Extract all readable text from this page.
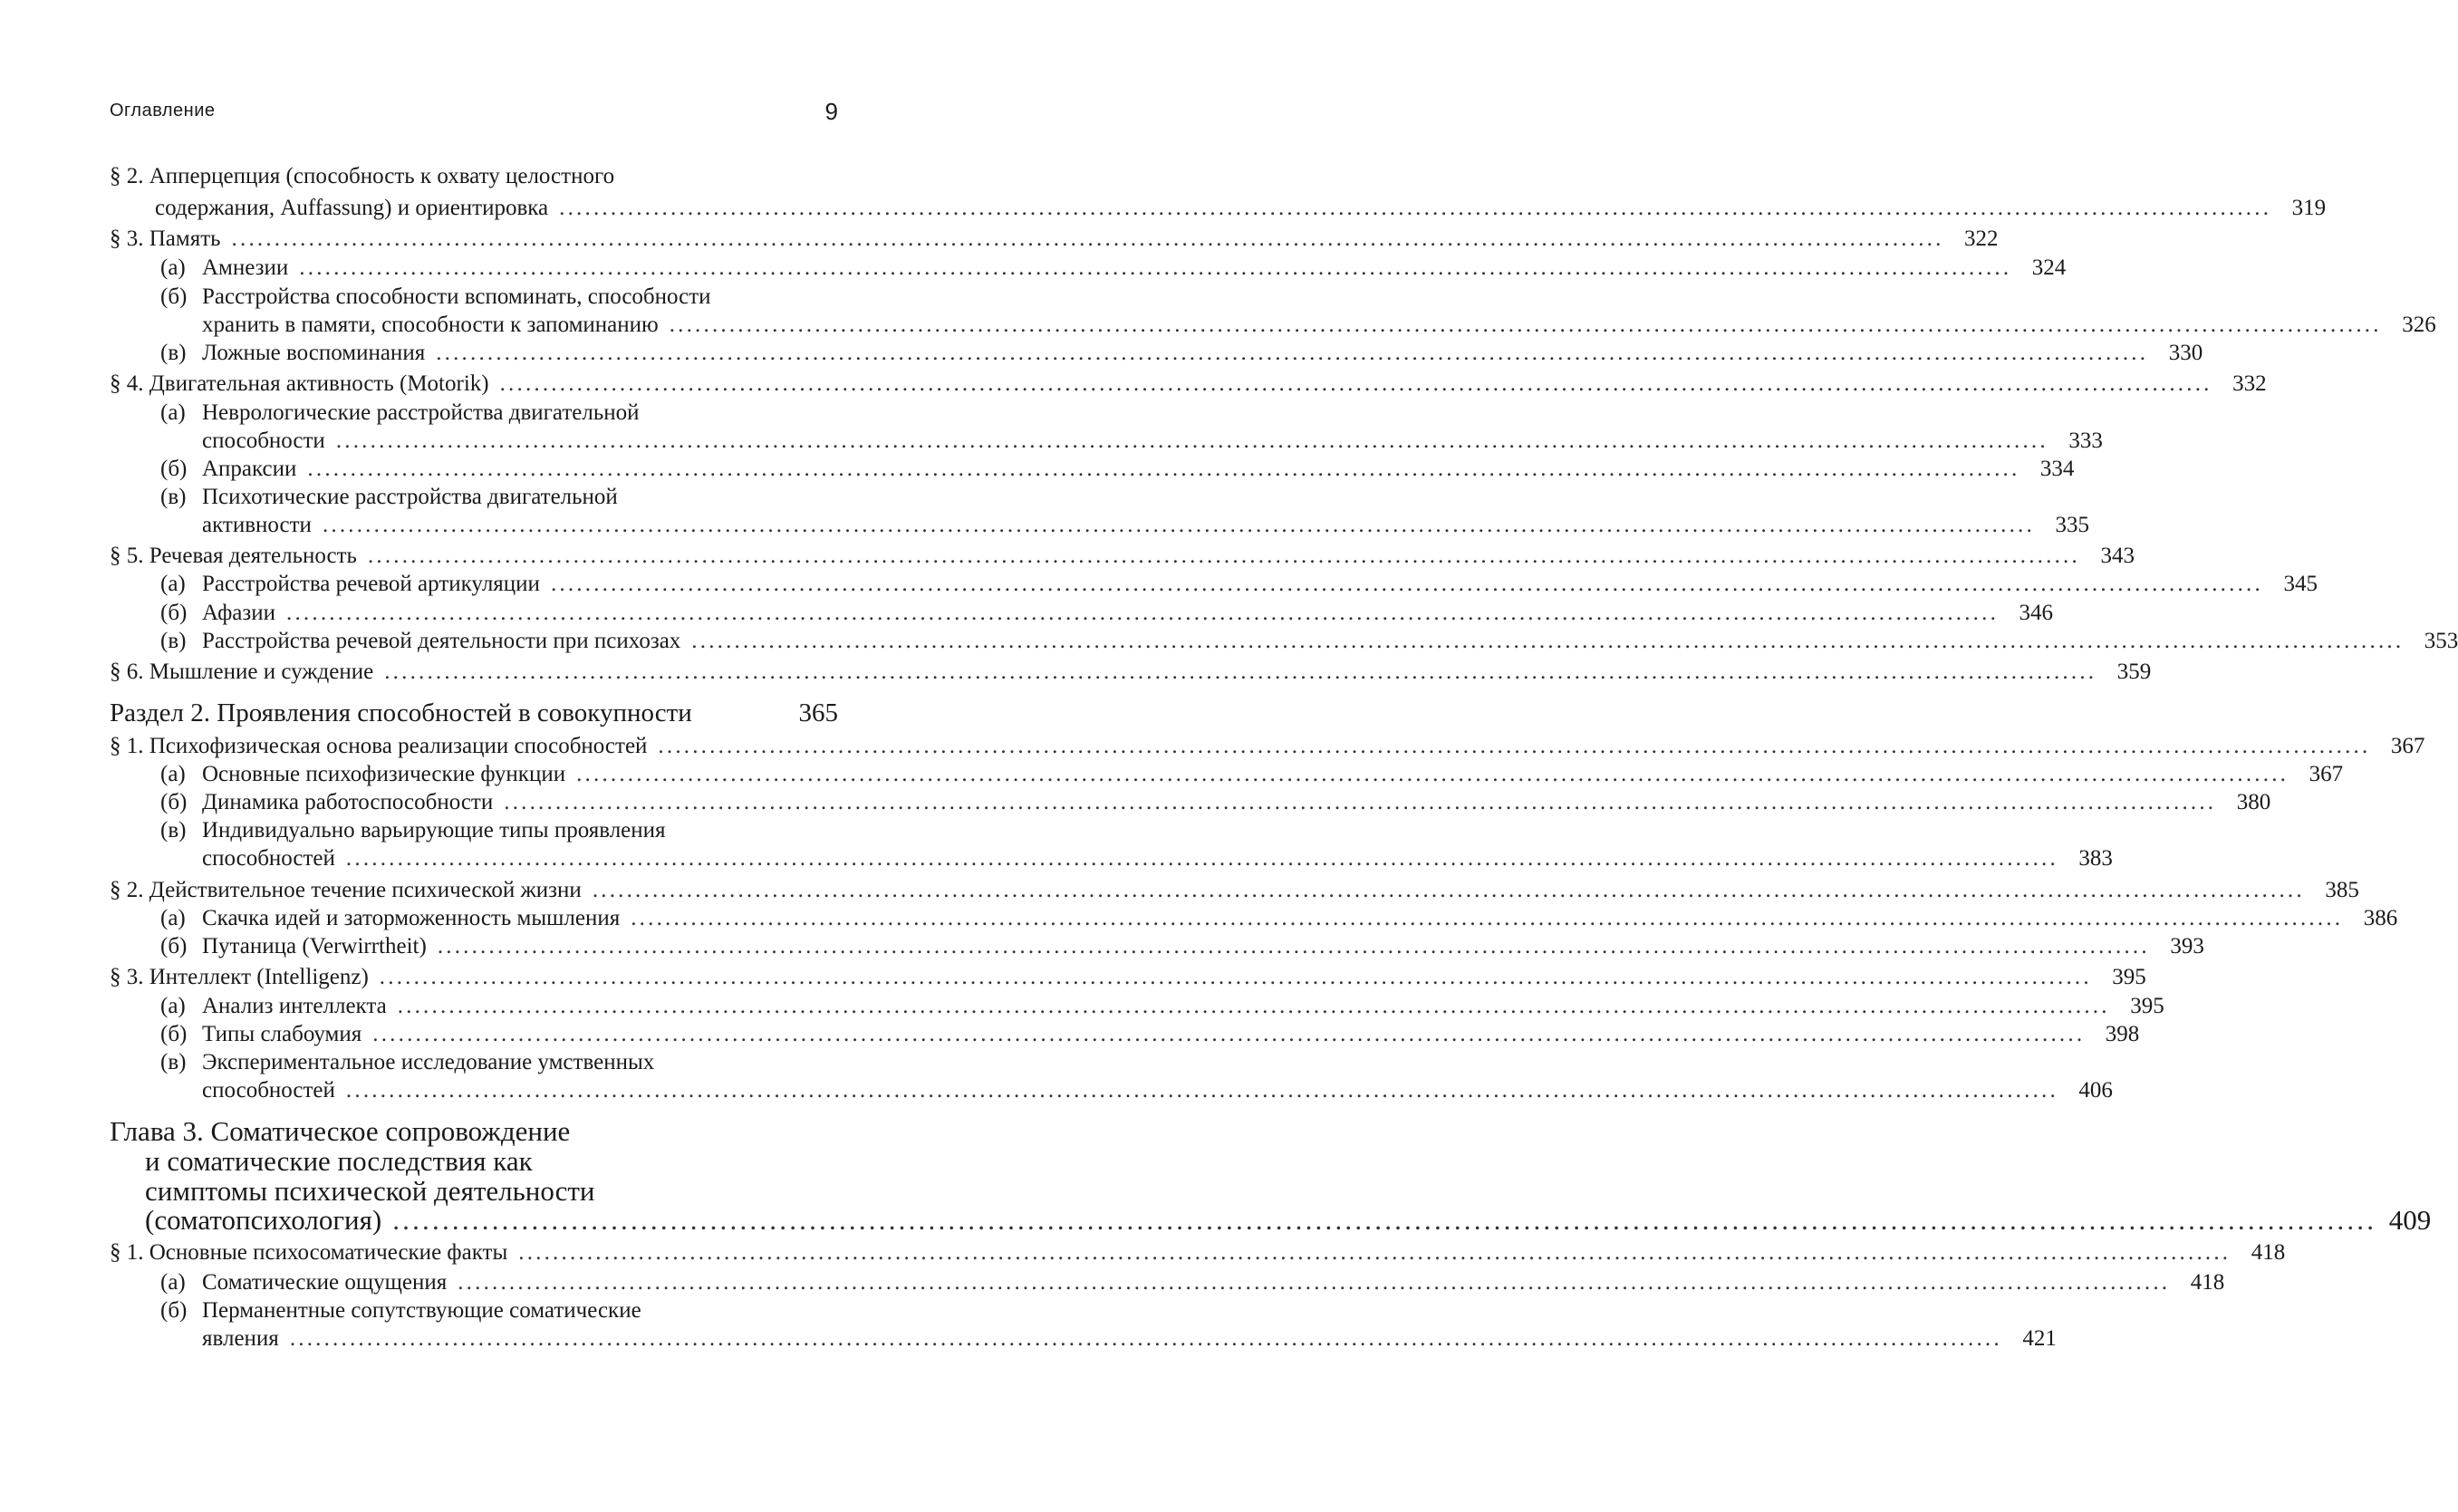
Оглавление	9
§ 2. Апперцепция (способность к охвату целостного
содержания, Auffassung) и ориентировка ........................................................................................................................................................................................................ 319
§ 3. Память ........................................................................................................................................................................................................ 322
(а) Амнезии ........................................................................................................................................................................................................ 324
(б) Расстройства способности вспоминать, способности
хранить в памяти, способности к запоминанию ........................................................................................................................................................................................................ 326
(в) Ложные воспоминания ........................................................................................................................................................................................................ 330
§ 4. Двигательная активность (Motorik) ........................................................................................................................................................................................................ 332
(а) Неврологические расстройства двигательной
способности ........................................................................................................................................................................................................ 333
(б) Апраксии ........................................................................................................................................................................................................ 334
(в) Психотические расстройства двигательной
активности ........................................................................................................................................................................................................ 335
§ 5. Речевая деятельность ........................................................................................................................................................................................................ 343
(а) Расстройства речевой артикуляции ........................................................................................................................................................................................................ 345
(б) Афазии ........................................................................................................................................................................................................ 346
(в) Расстройства речевой деятельности при психозах ........................................................................................................................................................................................................ 353
§ 6. Мышление и суждение ........................................................................................................................................................................................................ 359
Раздел 2. Проявления способностей в совокупности	365
§ 1. Психофизическая основа реализации способностей ........................................................................................................................................................................................................ 367
(а) Основные психофизические функции ........................................................................................................................................................................................................ 367
(б) Динамика работоспособности ........................................................................................................................................................................................................ 380
(в) Индивидуально варьирующие типы проявления
способностей ........................................................................................................................................................................................................ 383
§ 2. Действительное течение психической жизни ........................................................................................................................................................................................................ 385
(а) Скачка идей и заторможенность мышления ........................................................................................................................................................................................................ 386
(б) Путаница (Verwirrtheit) ........................................................................................................................................................................................................ 393
§ 3. Интеллект (Intelligenz) ........................................................................................................................................................................................................ 395
(а) Анализ интеллекта ........................................................................................................................................................................................................ 395
(б) Типы слабоумия ........................................................................................................................................................................................................ 398
(в) Экспериментальное исследование умственных
способностей ........................................................................................................................................................................................................ 406
Глава 3. Соматическое сопровождение
и соматические последствия как
симптомы психической деятельности
(соматопсихология) ........................................................................................................................................................................................................ 409
§ 1. Основные психосоматические факты ........................................................................................................................................................................................................ 418
(а) Соматические ощущения ........................................................................................................................................................................................................ 418
(б) Перманентные сопутствующие соматические
явления ........................................................................................................................................................................................................ 421
